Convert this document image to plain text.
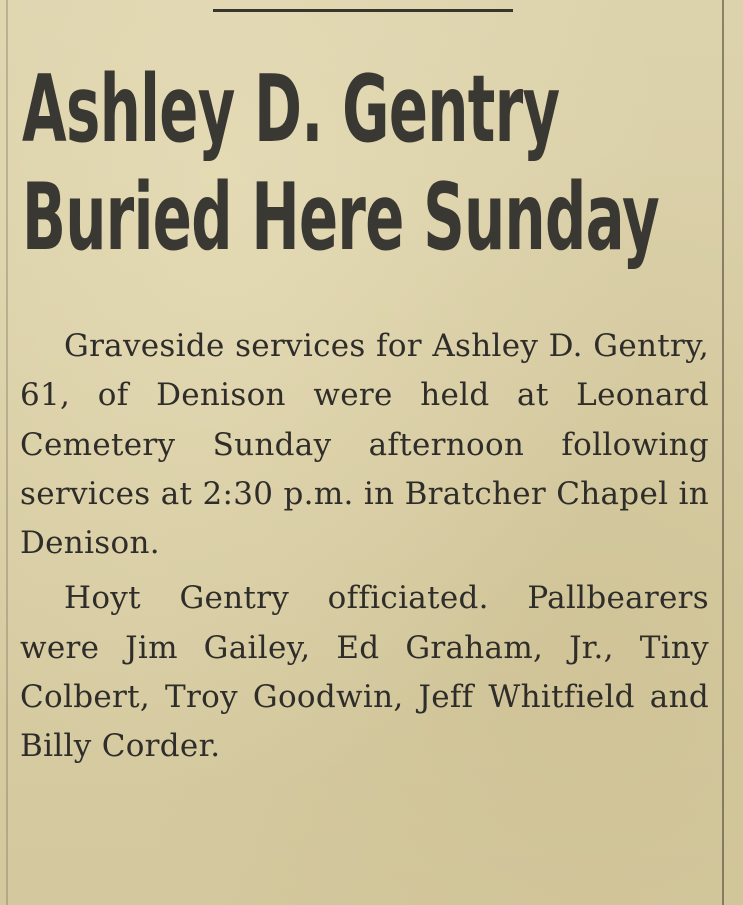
Ashley D. Gentry
Buried Here Sunday

Graveside services for Ashley D. Gentry, 61, of Denison were held at Leonard Cemetery Sunday afternoon following services at 2:30 p.m. in Bratcher Chapel in Denison.

Hoyt Gentry officiated. Pallbearers were Jim Gailey, Ed Graham, Jr., Tiny Colbert, Troy Goodwin, Jeff Whitfield and Billy Corder.
